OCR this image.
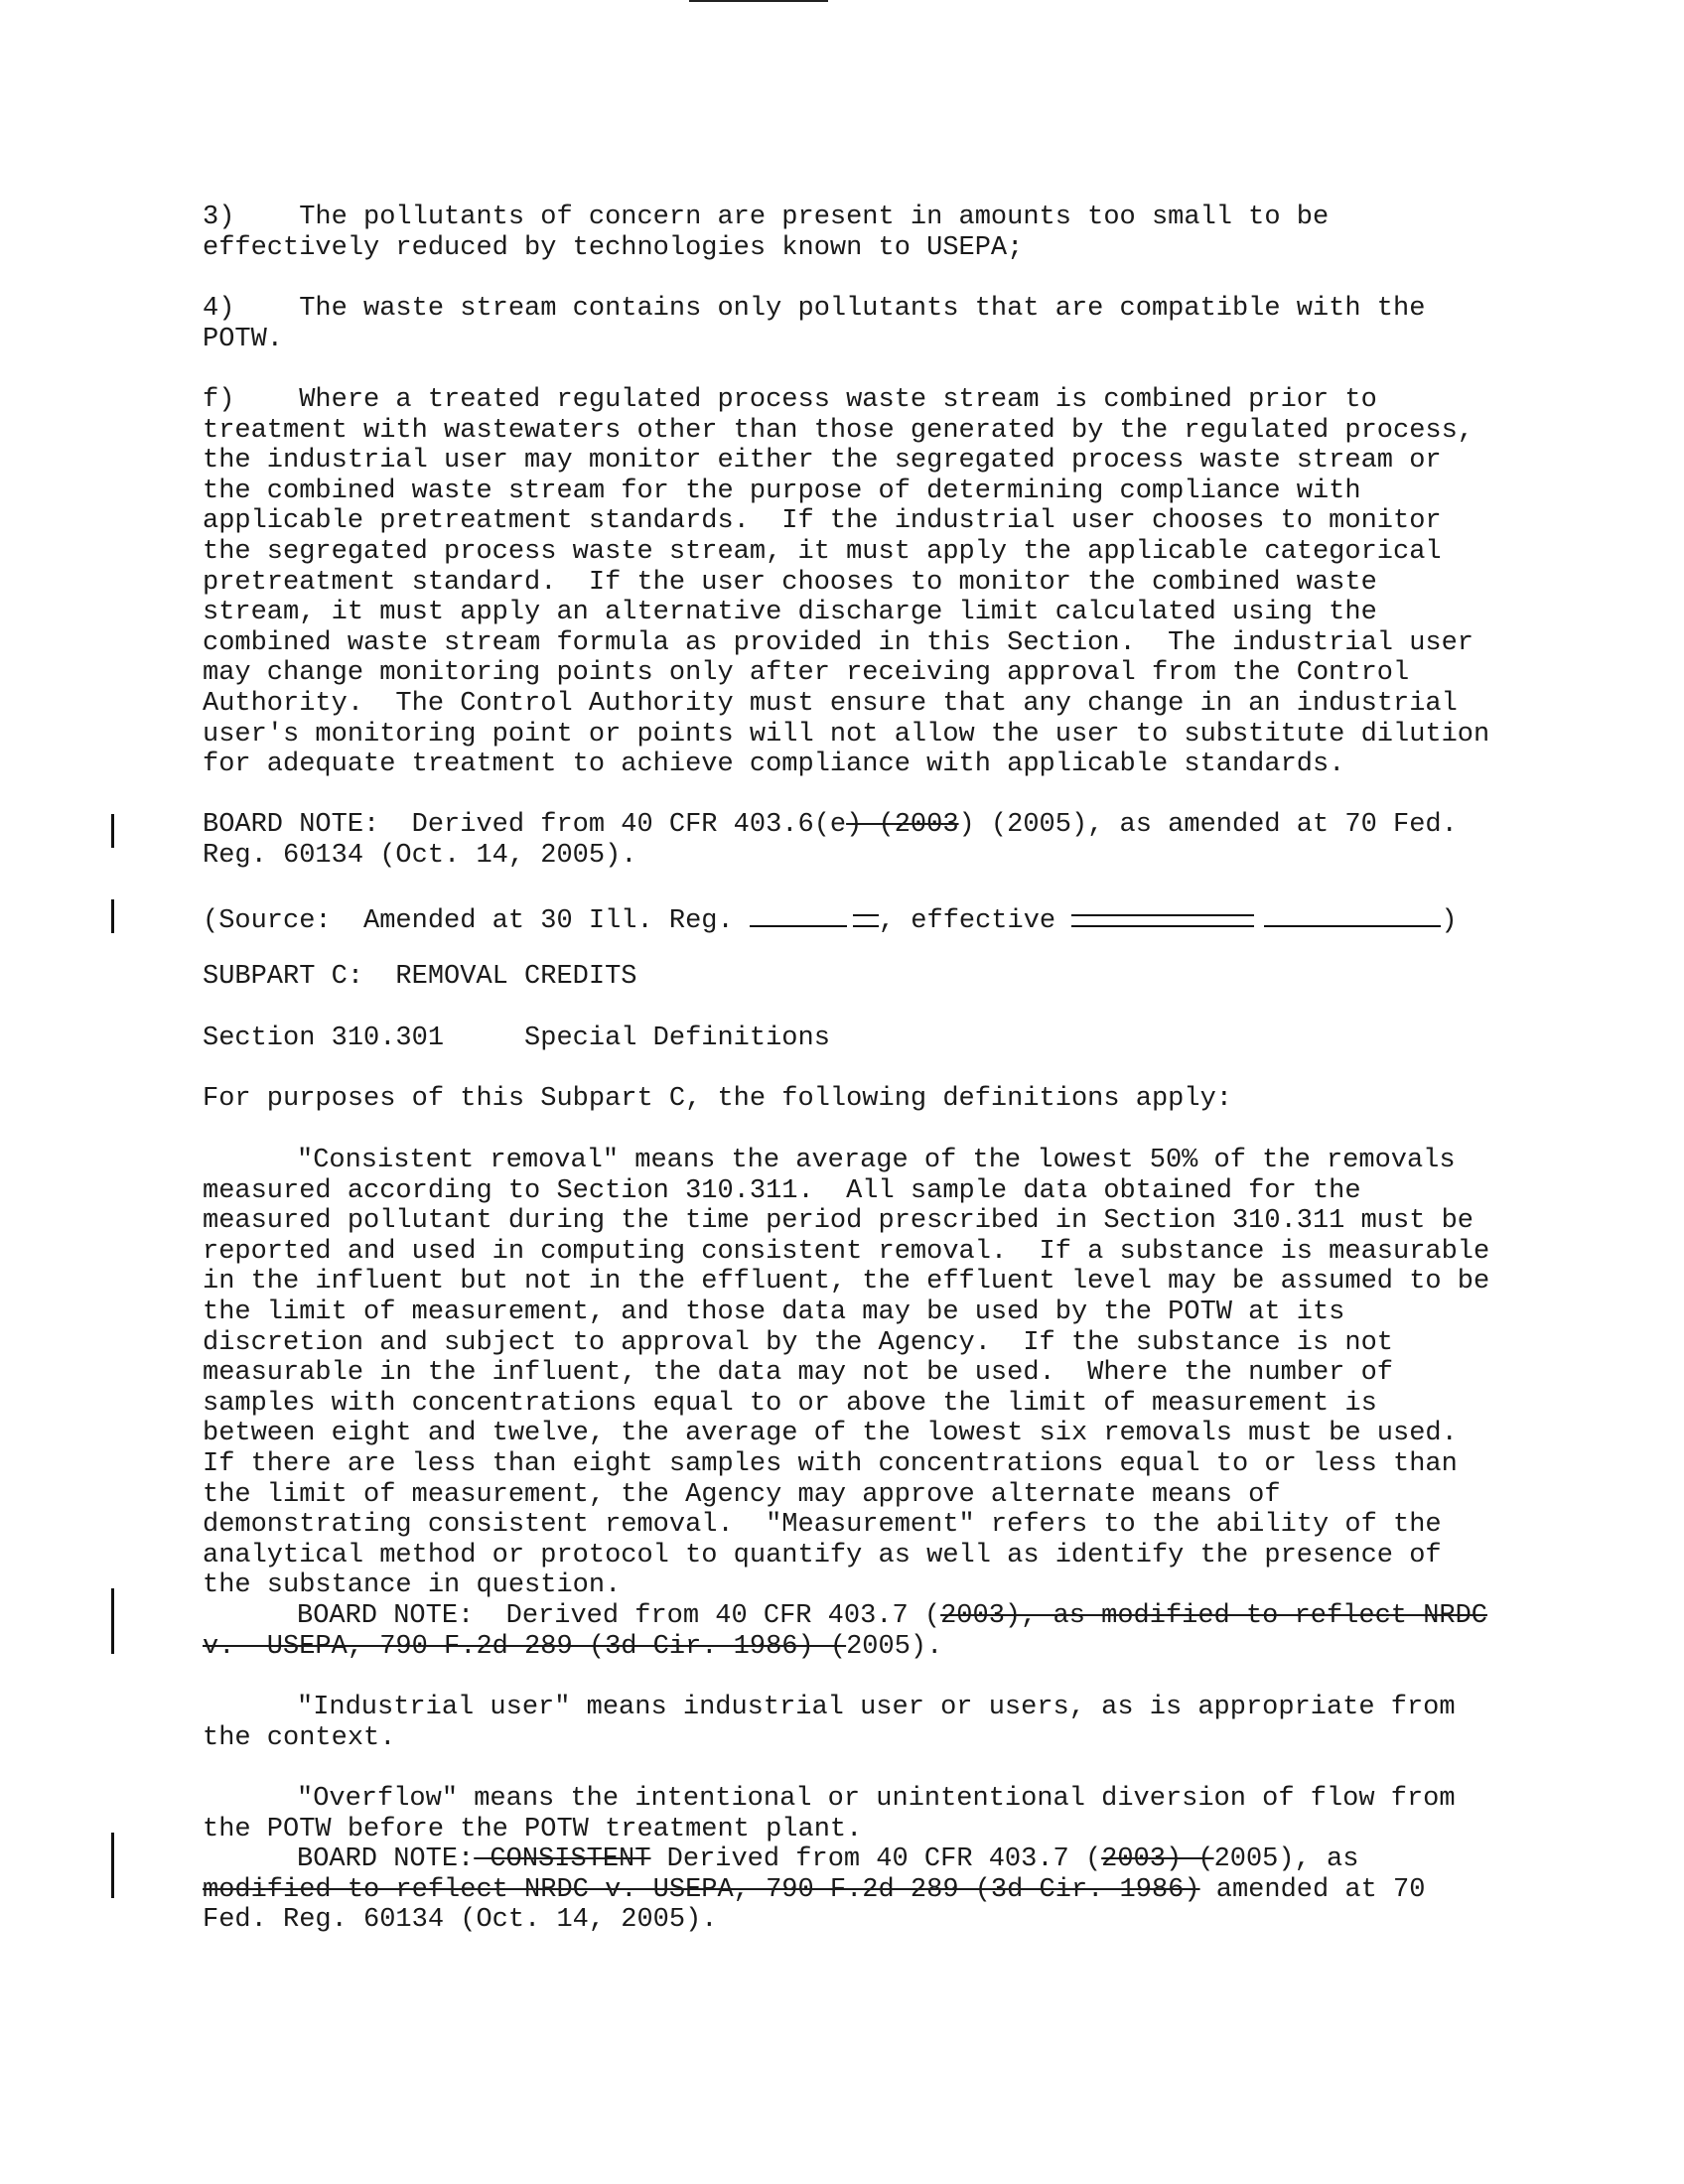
3)    The pollutants of concern are present in amounts too small to be
effectively reduced by technologies known to USEPA;
4)    The waste stream contains only pollutants that are compatible with the
POTW.
f)    Where a treated regulated process waste stream is combined prior to
treatment with wastewaters other than those generated by the regulated process,
the industrial user may monitor either the segregated process waste stream or
the combined waste stream for the purpose of determining compliance with
applicable pretreatment standards.  If the industrial user chooses to monitor
the segregated process waste stream, it must apply the applicable categorical
pretreatment standard.  If the user chooses to monitor the combined waste
stream, it must apply an alternative discharge limit calculated using the
combined waste stream formula as provided in this Section.  The industrial user
may change monitoring points only after receiving approval from the Control
Authority.  The Control Authority must ensure that any change in an industrial
user's monitoring point or points will not allow the user to substitute dilution
for adequate treatment to achieve compliance with applicable standards.
BOARD NOTE:  Derived from 40 CFR 403.6(e) (2003) (2005), as amended at 70 Fed.
Reg. 60134 (Oct. 14, 2005).
(Source:  Amended at 30 Ill. Reg.	, effective	)
SUBPART C:  REMOVAL CREDITS
Section 310.301     Special Definitions
For purposes of this Subpart C, the following definitions apply:
"Consistent removal" means the average of the lowest 50% of the removals
measured according to Section 310.311.  All sample data obtained for the
measured pollutant during the time period prescribed in Section 310.311 must be
reported and used in computing consistent removal.  If a substance is measurable
in the influent but not in the effluent, the effluent level may be assumed to be
the limit of measurement, and those data may be used by the POTW at its
discretion and subject to approval by the Agency.  If the substance is not
measurable in the influent, the data may not be used.  Where the number of
samples with concentrations equal to or above the limit of measurement is
between eight and twelve, the average of the lowest six removals must be used.
If there are less than eight samples with concentrations equal to or less than
the limit of measurement, the Agency may approve alternate means of
demonstrating consistent removal.  "Measurement" refers to the ability of the
analytical method or protocol to quantify as well as identify the presence of
the substance in question.
BOARD NOTE:  Derived from 40 CFR 403.7 (2003), as modified to reflect NRDC
v.  USEPA, 790 F.2d 289 (3d Cir. 1986) (2005).
"Industrial user" means industrial user or users, as is appropriate from
the context.
"Overflow" means the intentional or unintentional diversion of flow from
the POTW before the POTW treatment plant.
BOARD NOTE: CONSISTENT Derived from 40 CFR 403.7 (2003) (2005), as
modified to reflect NRDC v. USEPA, 790 F.2d 289 (3d Cir. 1986) amended at 70
Fed. Reg. 60134 (Oct. 14, 2005).
